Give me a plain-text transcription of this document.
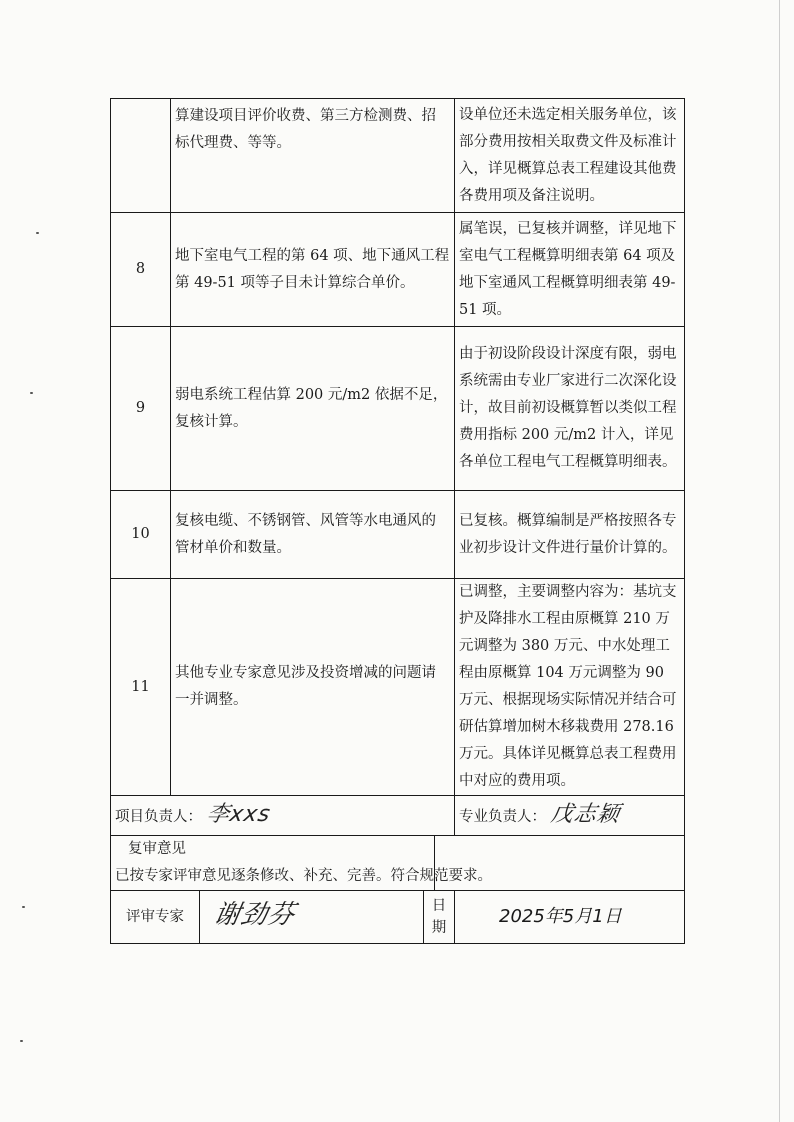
	算建设项目评价收费、第三方检测费、招标代理费、等等。		设单位还未选定相关服务单位，该部分费用按相关取费文件及标准计入，详见概算总表工程建设其他费各费用项及备注说明。
8	地下室电气工程的第 64 项、地下通风工程第 49-51 项等子目未计算综合单价。		属笔误，已复核并调整，详见地下室电气工程概算明细表第 64 项及地下室通风工程概算明细表第 49-51 项。
9	弱电系统工程估算 200 元/m2 依据不足，复核计算。		由于初设阶段设计深度有限，弱电系统需由专业厂家进行二次深化设计，故目前初设概算暂以类似工程费用指标 200 元/m2 计入，详见各单位工程电气工程概算明细表。
10	复核电缆、不锈钢管、风管等水电通风的管材单价和数量。		已复核。概算编制是严格按照各专业初步设计文件进行量价计算的。
11	其他专业专家意见涉及投资增减的问题请一并调整。		已调整，主要调整内容为：基坑支护及降排水工程由原概算 210 万元调整为 380 万元、中水处理工程由原概算 104 万元调整为 90 万元、根据现场实际情况并结合可研估算增加树木移栽费用 278.16 万元。具体详见概算总表工程费用中对应的费用项。
项目负责人： 李xxs			专业负责人： 戊志颖
复审意见 已按专家评审意见逐条修改、补充、完善。符合规范要求。			

评审专家 谢劲芬 日
期			2025年5月1日
